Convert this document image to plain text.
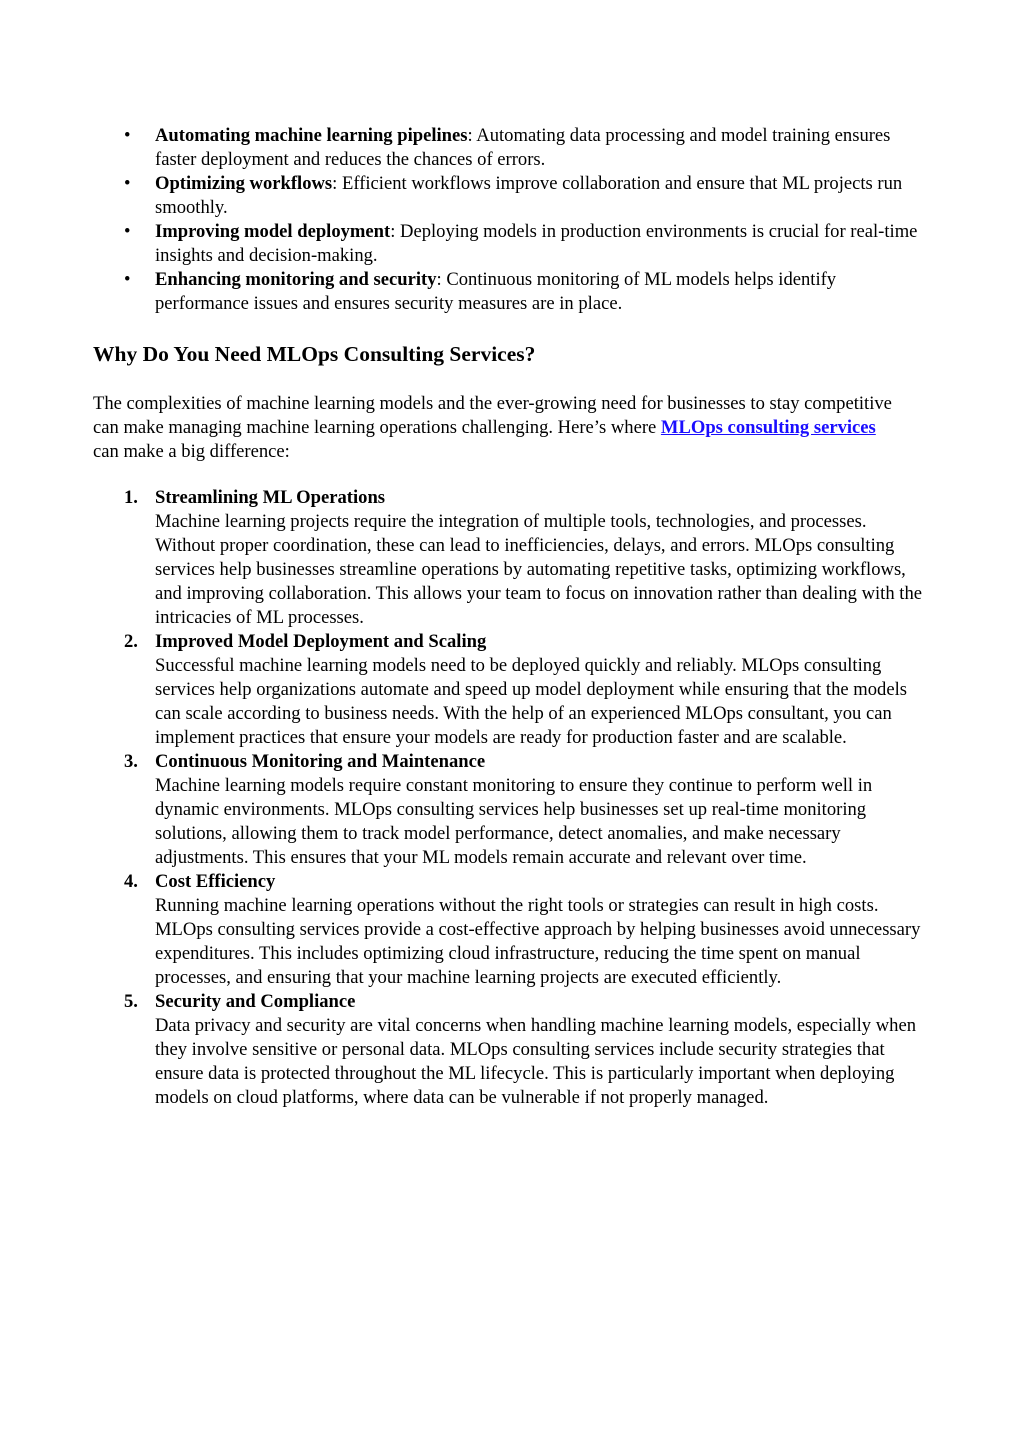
• Automating machine learning pipelines: Automating data processing and model training ensures faster deployment and reduces the chances of errors.
• Optimizing workflows: Efficient workflows improve collaboration and ensure that ML projects run smoothly.
• Improving model deployment: Deploying models in production environments is crucial for real-time insights and decision-making.
• Enhancing monitoring and security: Continuous monitoring of ML models helps identify performance issues and ensures security measures are in place.
Why Do You Need MLOps Consulting Services?

The complexities of machine learning models and the ever-growing need for businesses to stay competitive can make managing machine learning operations challenging. Here’s where MLOps consulting services can make a big difference:

1. Streamlining ML Operations
Machine learning projects require the integration of multiple tools, technologies, and processes. Without proper coordination, these can lead to inefficiencies, delays, and errors. MLOps consulting services help businesses streamline operations by automating repetitive tasks, optimizing workflows, and improving collaboration. This allows your team to focus on innovation rather than dealing with the intricacies of ML processes.
2. Improved Model Deployment and Scaling
Successful machine learning models need to be deployed quickly and reliably. MLOps consulting services help organizations automate and speed up model deployment while ensuring that the models can scale according to business needs. With the help of an experienced MLOps consultant, you can implement practices that ensure your models are ready for production faster and are scalable.
3. Continuous Monitoring and Maintenance
Machine learning models require constant monitoring to ensure they continue to perform well in dynamic environments. MLOps consulting services help businesses set up real-time monitoring solutions, allowing them to track model performance, detect anomalies, and make necessary adjustments. This ensures that your ML models remain accurate and relevant over time.
4. Cost Efficiency
Running machine learning operations without the right tools or strategies can result in high costs. MLOps consulting services provide a cost-effective approach by helping businesses avoid unnecessary expenditures. This includes optimizing cloud infrastructure, reducing the time spent on manual processes, and ensuring that your machine learning projects are executed efficiently.
5. Security and Compliance
Data privacy and security are vital concerns when handling machine learning models, especially when they involve sensitive or personal data. MLOps consulting services include security strategies that ensure data is protected throughout the ML lifecycle. This is particularly important when deploying models on cloud platforms, where data can be vulnerable if not properly managed.
